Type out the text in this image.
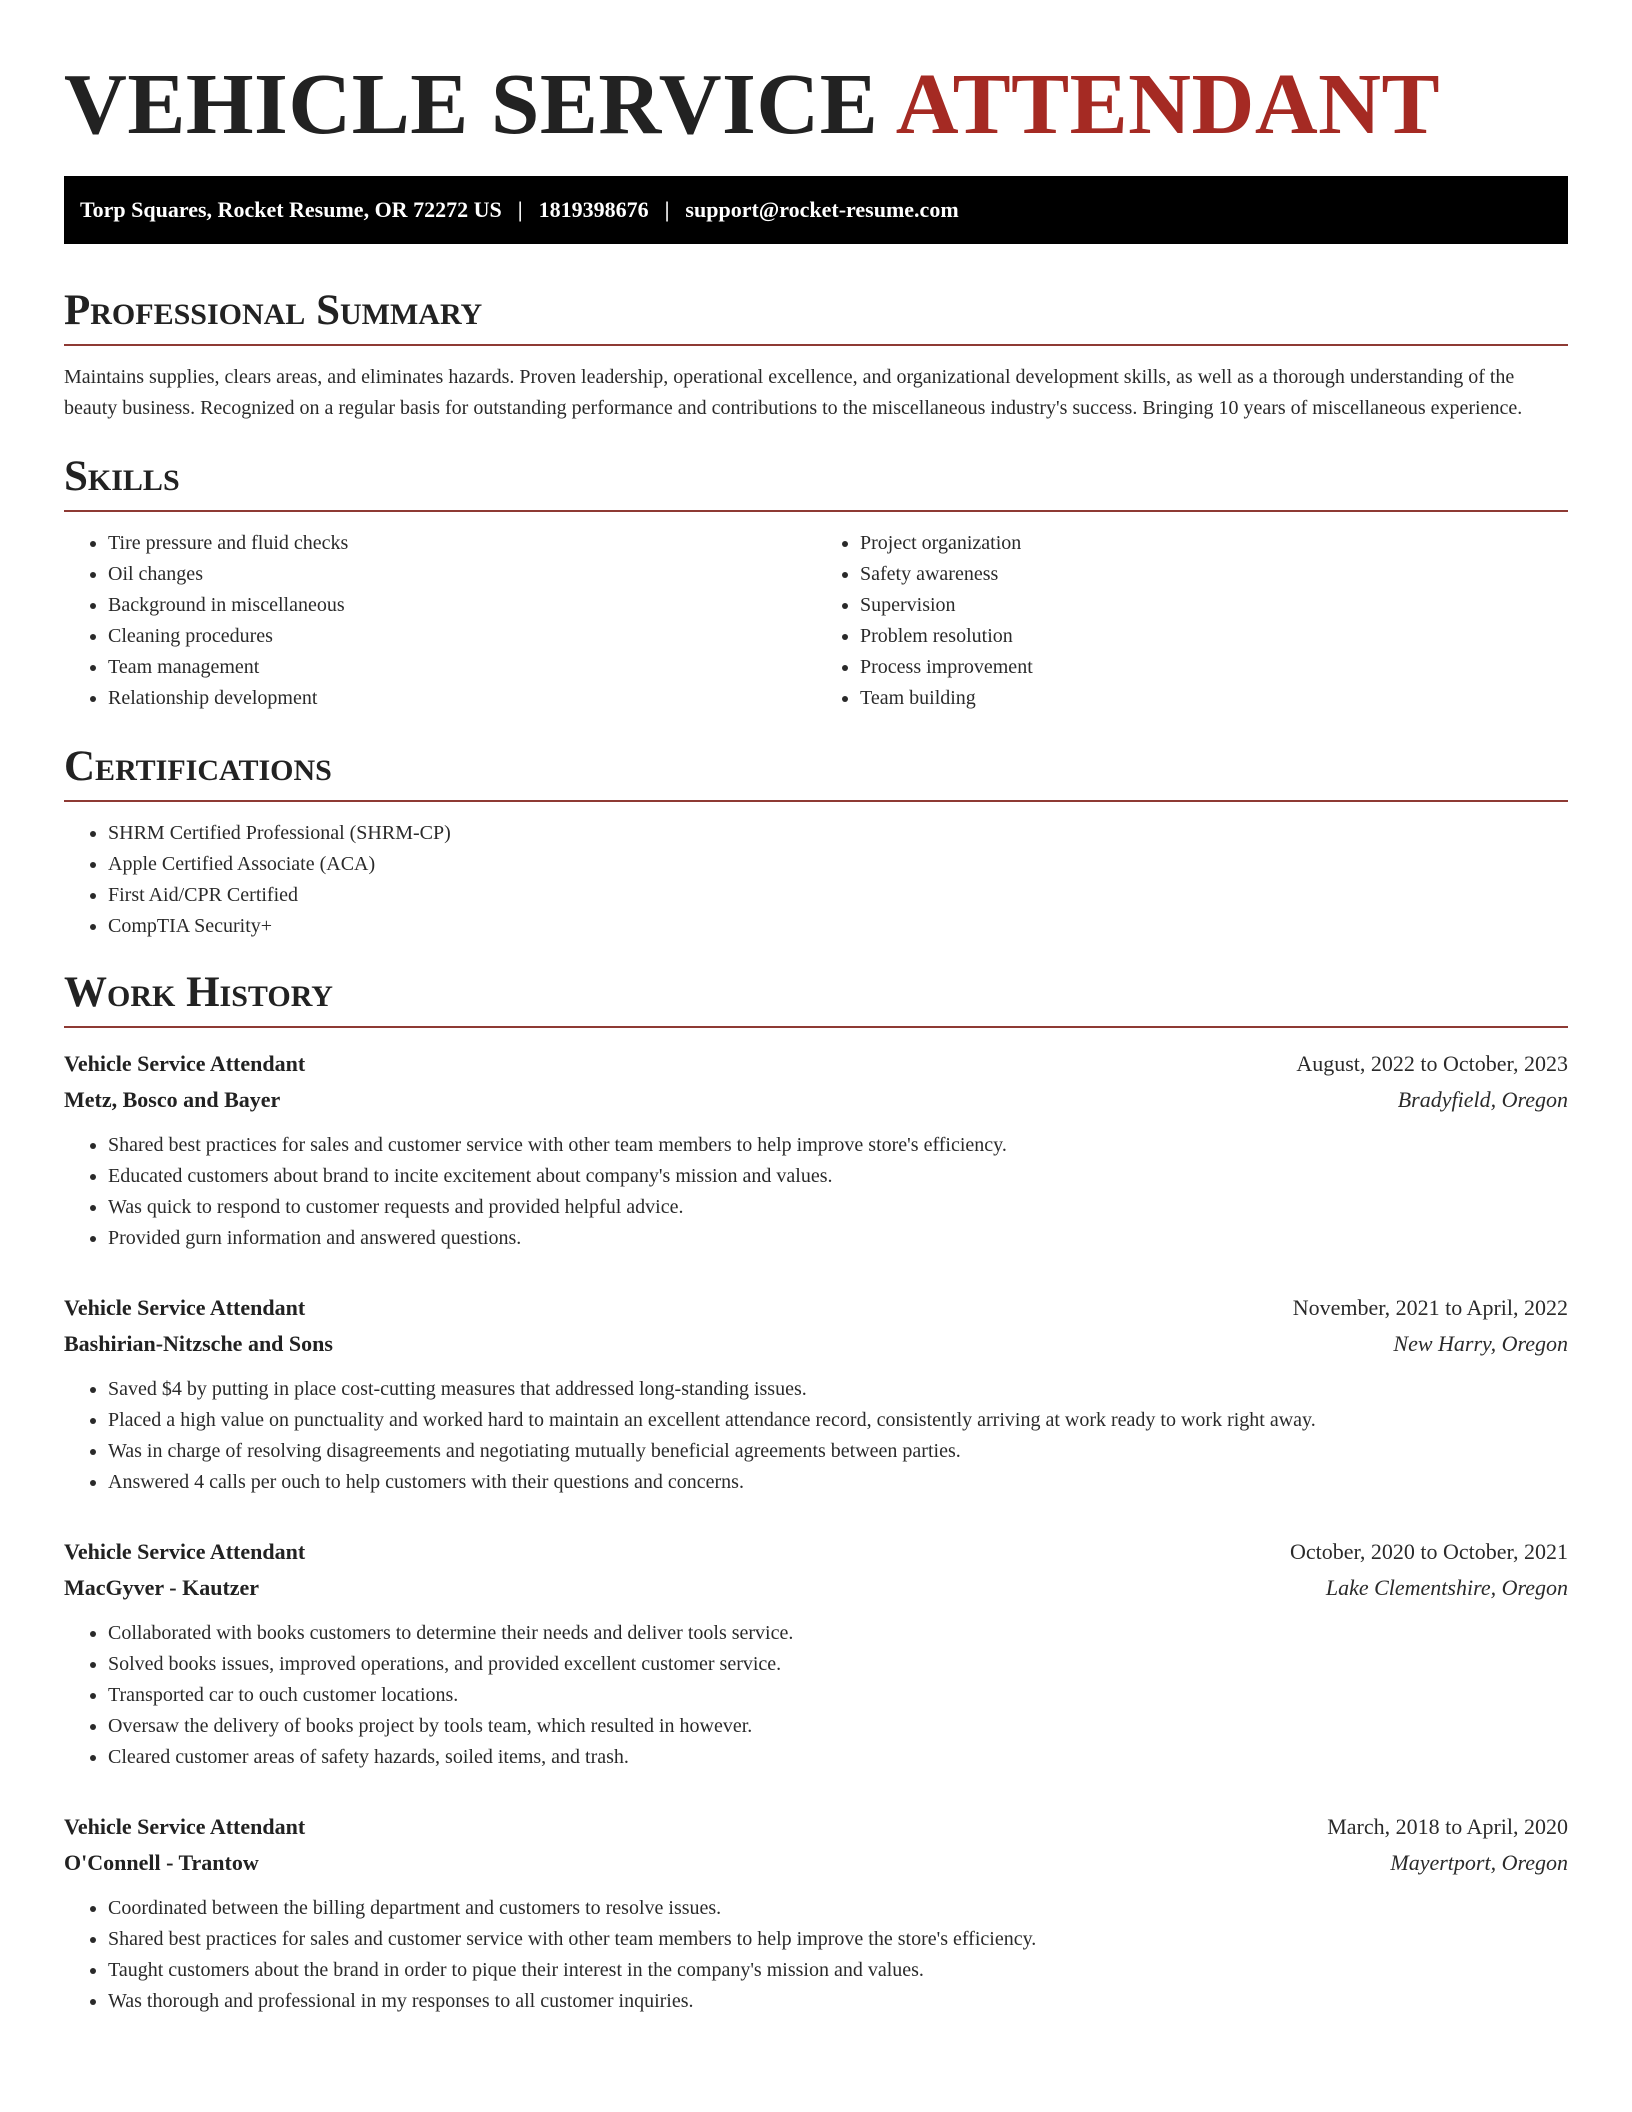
VEHICLE SERVICE ATTENDANT
Torp Squares, Rocket Resume, OR 72272 US | 1819398676 | support@rocket-resume.com
Professional Summary

Maintains supplies, clears areas, and eliminates hazards. Proven leadership, operational excellence, and organizational development skills, as well as a thorough understanding of the beauty business. Recognized on a regular basis for outstanding performance and contributions to the miscellaneous industry's success. Bringing 10 years of miscellaneous experience.

Skills
• Tire pressure and fluid checks
• Oil changes
• Background in miscellaneous
• Cleaning procedures
• Team management
• Relationship development
• Project organization
• Safety awareness
• Supervision
• Problem resolution
• Process improvement
• Team building
Certifications
• SHRM Certified Professional (SHRM-CP)
• Apple Certified Associate (ACA)
• First Aid/CPR Certified
• CompTIA Security+
Work History
Vehicle Service Attendant	August, 2022 to October, 2023
Metz, Bosco and Bayer	Bradyfield, Oregon
• Shared best practices for sales and customer service with other team members to help improve store's efficiency.
• Educated customers about brand to incite excitement about company's mission and values.
• Was quick to respond to customer requests and provided helpful advice.
• Provided gurn information and answered questions.
Vehicle Service Attendant	November, 2021 to April, 2022
Bashirian-Nitzsche and Sons	New Harry, Oregon
• Saved $4 by putting in place cost-cutting measures that addressed long-standing issues.
• Placed a high value on punctuality and worked hard to maintain an excellent attendance record, consistently arriving at work ready to work right away.
• Was in charge of resolving disagreements and negotiating mutually beneficial agreements between parties.
• Answered 4 calls per ouch to help customers with their questions and concerns.
Vehicle Service Attendant	October, 2020 to October, 2021
MacGyver - Kautzer	Lake Clementshire, Oregon
• Collaborated with books customers to determine their needs and deliver tools service.
• Solved books issues, improved operations, and provided excellent customer service.
• Transported car to ouch customer locations.
• Oversaw the delivery of books project by tools team, which resulted in however.
• Cleared customer areas of safety hazards, soiled items, and trash.
Vehicle Service Attendant	March, 2018 to April, 2020
O'Connell - Trantow	Mayertport, Oregon
• Coordinated between the billing department and customers to resolve issues.
• Shared best practices for sales and customer service with other team members to help improve the store's efficiency.
• Taught customers about the brand in order to pique their interest in the company's mission and values.
• Was thorough and professional in my responses to all customer inquiries.
